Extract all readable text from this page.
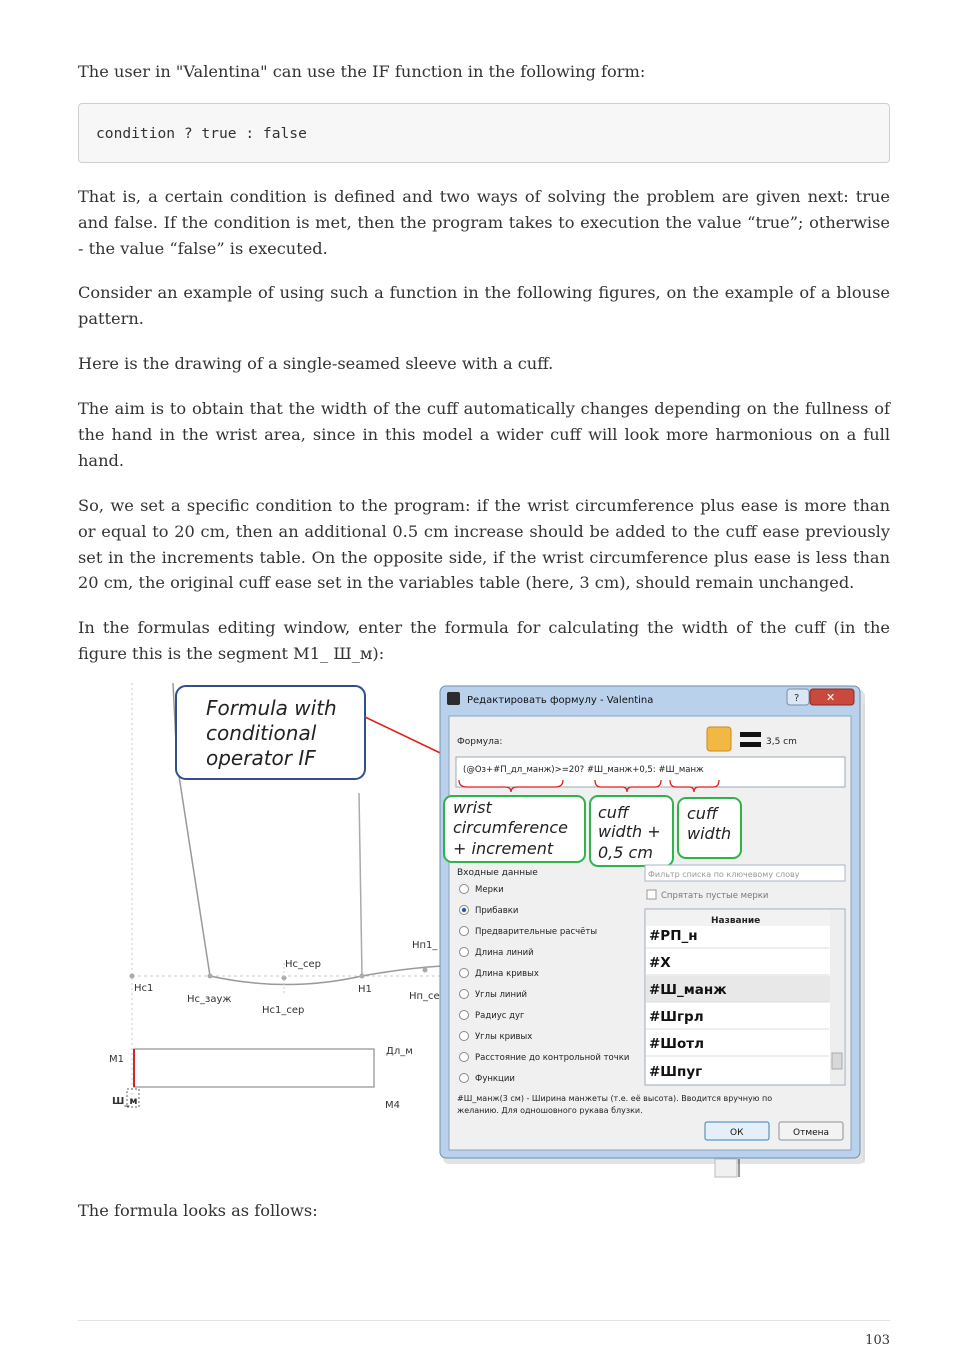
The user in "Valentina" can use the IF function in the following form:

condition ? true : false

That is, a certain condition is defined and two ways of solving the problem are given next: true and false. If the condition is met, then the program takes to execution the value “true”; otherwise - the value “false” is executed.

Consider an example of using such a function in the following figures, on the example of a blouse pattern.

Here is the drawing of a single-seamed sleeve with a cuff.

The aim is to obtain that the width of the cuff automatically changes depending on the fullness of the hand in the wrist area, since in this model a wider cuff will look more harmonious on a full hand.

So, we set a specific condition to the program: if the wrist circumference plus ease is more than or equal to 20 cm, then an additional 0.5 cm increase should be added to the cuff ease previously set in the increments table. On the opposite side, if the wrist circumference plus ease is less than 20 cm, the original cuff ease set in the variables table (here, 3 cm), should remain unchanged.

In the formulas editing window, enter the formula for calculating the width of the cuff (in the figure this is the segment M1_ Ш_м):

Нс_сер
Нс1
Нс_зауж
Нс1_сер
Н1
Нп1_
Нп_се
М1
Дл_м
М4
Ш_м
Formula with
conditional
operator IF
Редактировать формулу - Valentina	? ✕
Формула:	3,5 cm
(@Оз+#П_дл_манж)>=20? #Ш_манж+0,5: #Ш_манж
wrist
circumference
+ increment
cuff
width +
0,5 cm
cuff
width
Входные данные	Фильтр списка по ключевому слову
Спрятать пустые мерки
Мерки
Прибавки
Предварительные расчёты
Длина линий
Длина кривых
Углы линий
Радиус дуг
Углы кривых
Расстояние до контрольной точки
Функции
Название
#РП_н
#Х
#Ш_манж
#Шгрл
#Шотл
#Шпуг
#Ш_манж(3 см) - Ширина манжеты (т.е. её высота). Вводится вручную по
желанию. Для одношовного рукава блузки.
ОК	Отмена

The formula looks as follows:

103
